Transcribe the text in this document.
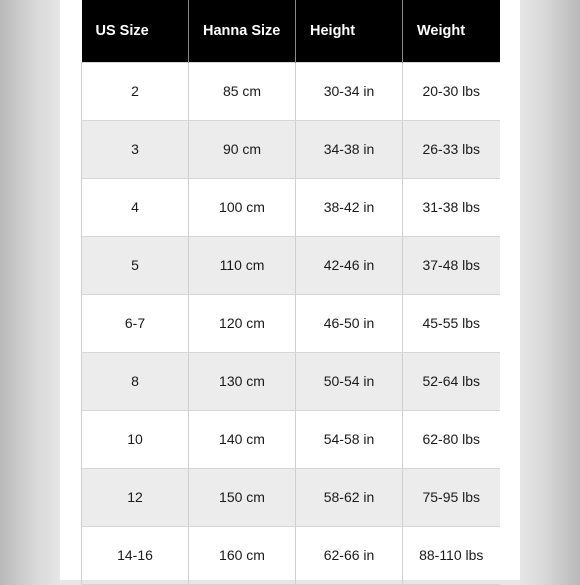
US Size	Hanna Size	Height	Weight
2	85 cm	30-34 in	20-30 lbs
3	90 cm	34-38 in	26-33 lbs
4	100 cm	38-42 in	31-38 lbs
5	110 cm	42-46 in	37-48 lbs
6-7	120 cm	46-50 in	45-55 lbs
8	130 cm	50-54 in	52-64 lbs
10	140 cm	54-58 in	62-80 lbs
12	150 cm	58-62 in	75-95 lbs
14-16	160 cm	62-66 in	88-110 lbs
